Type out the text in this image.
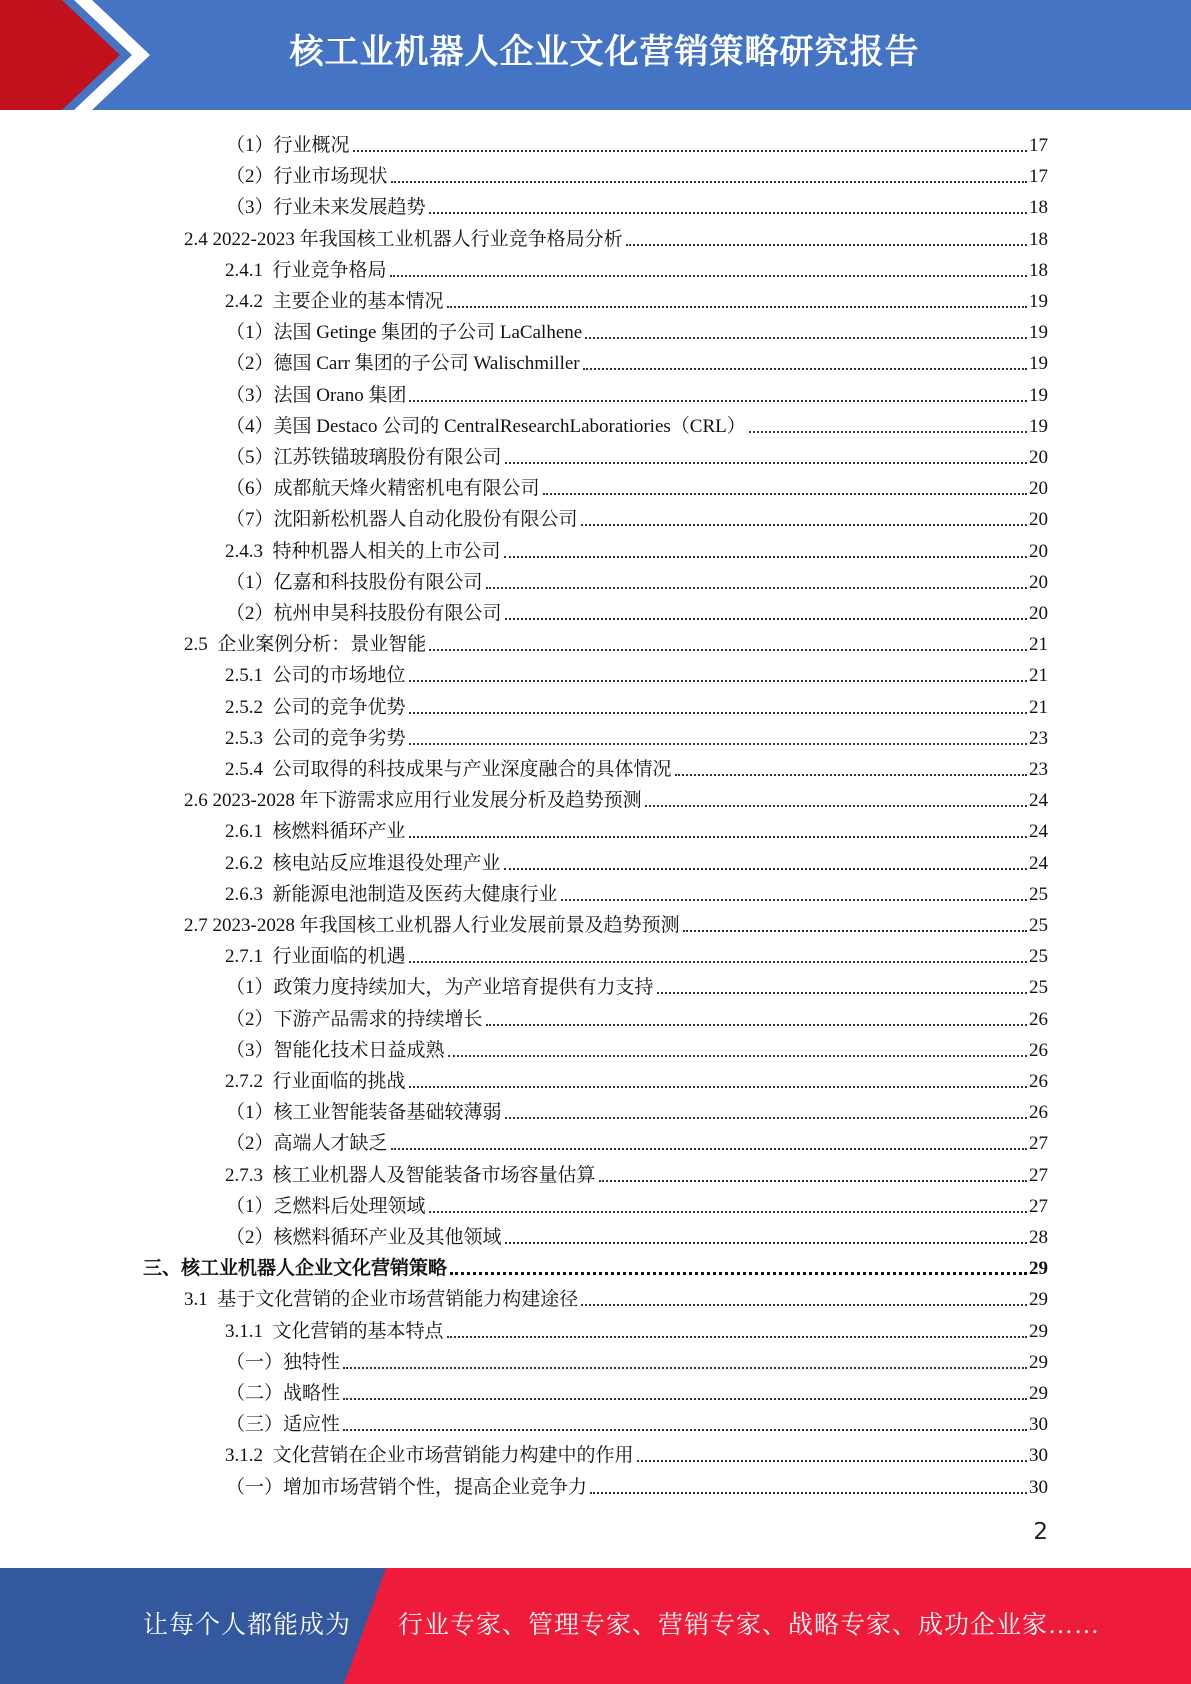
核工业机器人企业文化营销策略研究报告
（1）行业概况	17
（2）行业市场现状	17
（3）行业未来发展趋势	18
2.4 2022-2023 年我国核工业机器人行业竞争格局分析	18
2.4.1  行业竞争格局	18
2.4.2  主要企业的基本情况	19
（1）法国 Getinge 集团的子公司 LaCalhene	19
（2）德国 Carr 集团的子公司 Walischmiller	19
（3）法国 Orano 集团	19
（4）美国 Destaco 公司的 CentralResearchLaboratiories（CRL）	19
（5）江苏铁锚玻璃股份有限公司	20
（6）成都航天烽火精密机电有限公司	20
（7）沈阳新松机器人自动化股份有限公司	20
2.4.3  特种机器人相关的上市公司	20
（1）亿嘉和科技股份有限公司	20
（2）杭州申昊科技股份有限公司	20
2.5  企业案例分析：景业智能	21
2.5.1  公司的市场地位	21
2.5.2  公司的竞争优势	21
2.5.3  公司的竞争劣势	23
2.5.4  公司取得的科技成果与产业深度融合的具体情况	23
2.6 2023-2028 年下游需求应用行业发展分析及趋势预测	24
2.6.1  核燃料循环产业	24
2.6.2  核电站反应堆退役处理产业	24
2.6.3  新能源电池制造及医药大健康行业	25
2.7 2023-2028 年我国核工业机器人行业发展前景及趋势预测	25
2.7.1  行业面临的机遇	25
（1）政策力度持续加大，为产业培育提供有力支持	25
（2）下游产品需求的持续增长	26
（3）智能化技术日益成熟	26
2.7.2  行业面临的挑战	26
（1）核工业智能装备基础较薄弱	26
（2）高端人才缺乏	27
2.7.3  核工业机器人及智能装备市场容量估算	27
（1）乏燃料后处理领域	27
（2）核燃料循环产业及其他领域	28
三、核工业机器人企业文化营销策略	29
3.1  基于文化营销的企业市场营销能力构建途径	29
3.1.1  文化营销的基本特点	29
（一）独特性	29
（二）战略性	29
（三）适应性	30
3.1.2  文化营销在企业市场营销能力构建中的作用	30
（一）增加市场营销个性，提高企业竞争力	30
2
让每个人都能成为 行业专家、管理专家、营销专家、战略专家、成功企业家……
